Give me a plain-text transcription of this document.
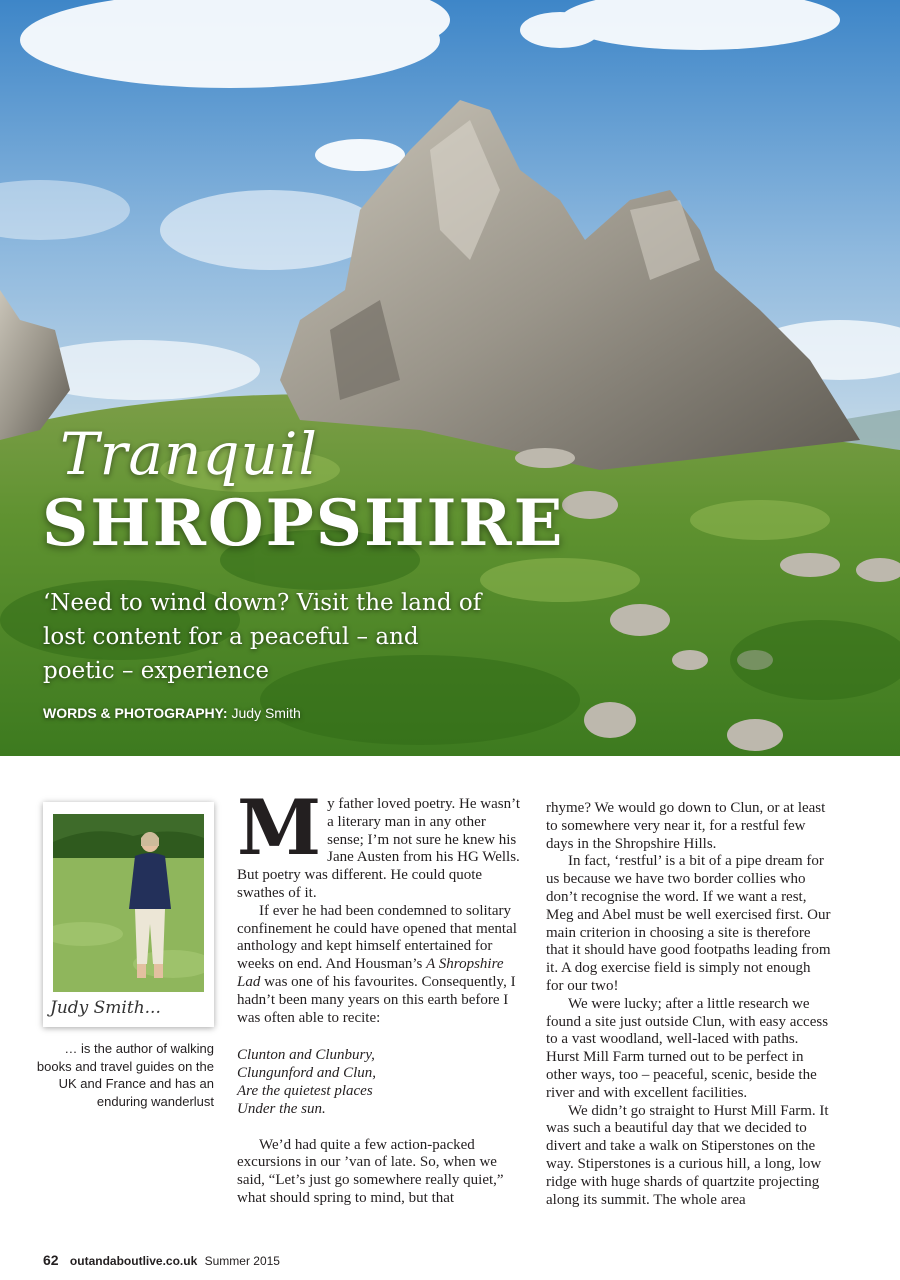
Tranquil
SHROPSHIRE
‘Need to wind down? Visit the land of lost content for a peaceful – and poetic – experience
WORDS & PHOTOGRAPHY: Judy Smith
Judy Smith...
… is the author of walking books and travel guides on the UK and France and has an enduring wanderlust

My father loved poetry. He wasn’t a literary man in any other sense; I’m not sure he knew his Jane Austen from his HG Wells. But poetry was different. He could quote swathes of it.

If ever he had been condemned to solitary confinement he could have opened that mental anthology and kept himself entertained for weeks on end. And Housman’s A Shropshire Lad was one of his favourites. Consequently, I hadn’t been many years on this earth before I was often able to recite:

Clunton and Clunbury,
Clungunford and Clun,
Are the quietest places
Under the sun.

We’d had quite a few action-packed excursions in our ’van of late. So, when we said, “Let’s just go somewhere really quiet,” what should spring to mind, but that

rhyme? We would go down to Clun, or at least to somewhere very near it, for a restful few days in the Shropshire Hills.

In fact, ‘restful’ is a bit of a pipe dream for us because we have two border collies who don’t recognise the word. If we want a rest, Meg and Abel must be well exercised first. Our main criterion in choosing a site is therefore that it should have good footpaths leading from it. A dog exercise field is simply not enough for our two!

We were lucky; after a little research we found a site just outside Clun, with easy access to a vast woodland, well-laced with paths. Hurst Mill Farm turned out to be perfect in other ways, too – peaceful, scenic, beside the river and with excellent facilities.

We didn’t go straight to Hurst Mill Farm. It was such a beautiful day that we decided to divert and take a walk on Stiperstones on the way. Stiperstones is a curious hill, a long, low ridge with huge shards of quartzite projecting along its summit. The whole area

62 outandaboutlive.co.uk Summer 2015
